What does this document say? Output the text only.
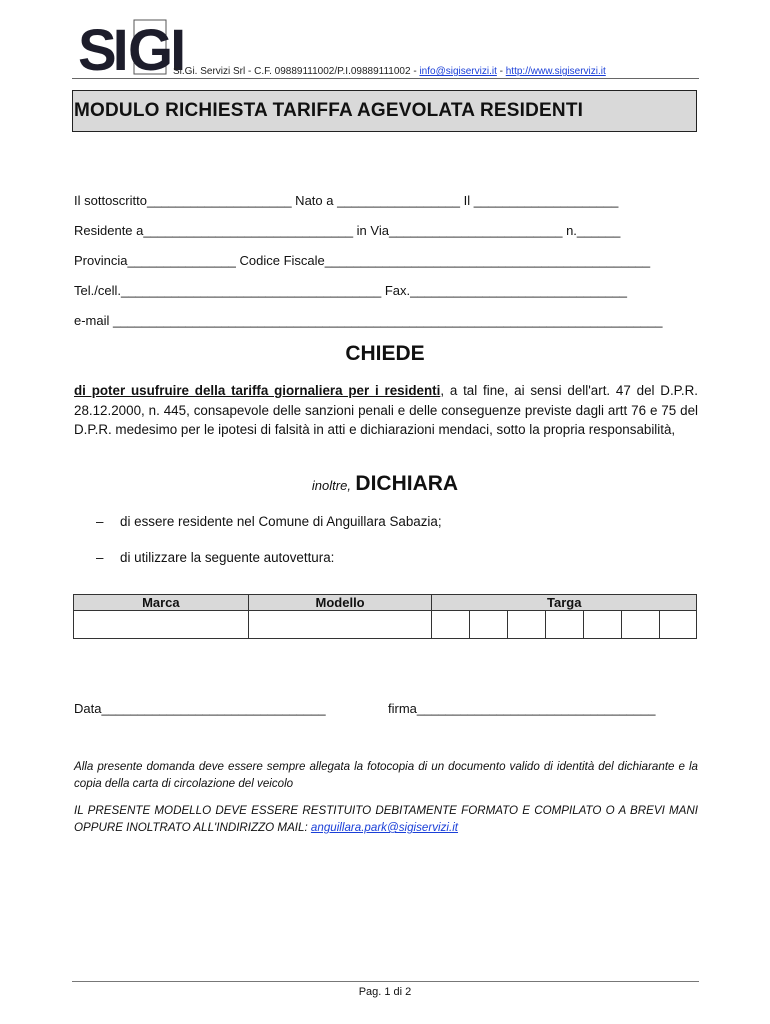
SI GI
Si.Gi. Servizi Srl - C.F. 09889111002/P.I.09889111002 - info@sigiservizi.it - http://www.sigiservizi.it
MODULO RICHIESTA TARIFFA AGEVOLATA RESIDENTI
Il sottoscritto____________________ Nato a _________________ Il ____________________
Residente a_____________________________ in Via________________________ n.______
Provincia_______________ Codice Fiscale_____________________________________________
Tel./cell.____________________________________ Fax.______________________________
e-mail ____________________________________________________________________________
CHIEDE
di poter usufruire della tariffa giornaliera per i residenti, a tal fine, ai sensi dell'art. 47 del D.P.R. 28.12.2000, n. 445, consapevole delle sanzioni penali e delle conseguenze previste dagli artt 76 e 75 del D.P.R. medesimo per le ipotesi di falsità in atti e dichiarazioni mendaci, sotto la propria responsabilità,
inoltre, DICHIARA
– di essere residente nel Comune di Anguillara Sabazia;
– di utilizzare la seguente autovettura:
Marca	Modello	Targa						

Data_______________________________	firma_________________________________
Alla presente domanda deve essere sempre allegata la fotocopia di un documento valido di identità del dichiarante e la copia della carta di circolazione del veicolo
IL PRESENTE MODELLO DEVE ESSERE RESTITUITO DEBITAMENTE FORMATO E COMPILATO O A BREVI MANI OPPURE INOLTRATO ALL'INDIRIZZO MAIL: anguillara.park@sigiservizi.it
Pag. 1 di 2
